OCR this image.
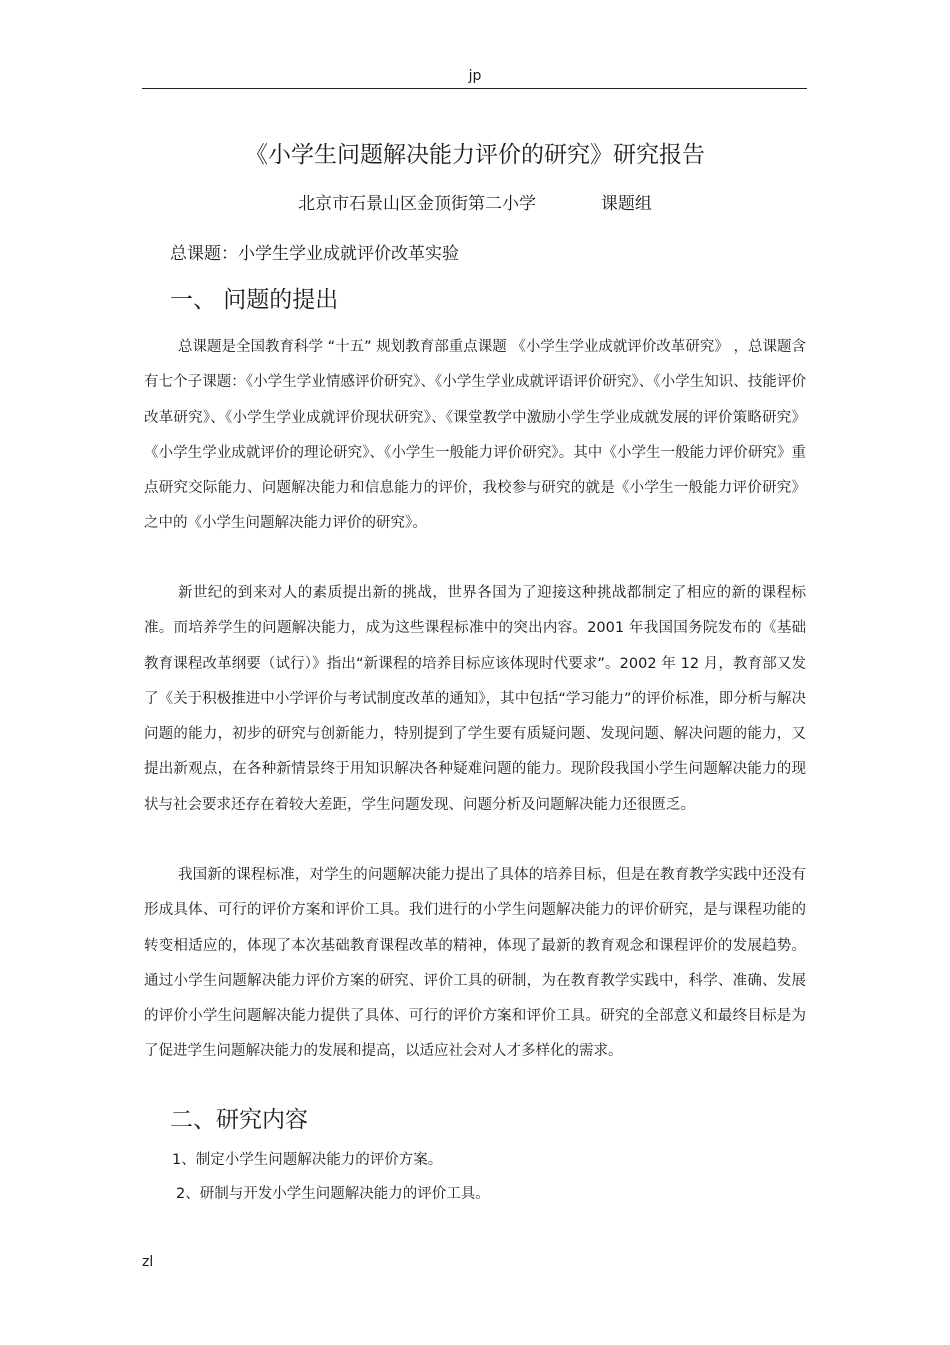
jp
《小学生问题解决能力评价的研究》研究报告
北京市石景山区金顶街第二小学            课题组
总课题：小学生学业成就评价改革实验
一、 问题的提出

总课题是全国教育科学 “十五” 规划教育部重点课题 《小学生学业成就评价改革研究》 ，总课题含有七个子课题：《小学生学业情感评价研究》、《小学生学业成就评语评价研究》、《小学生知识、技能评价改革研究》、《小学生学业成就评价现状研究》、《课堂教学中激励小学生学业成就发展的评价策略研究》《小学生学业成就评价的理论研究》、《小学生一般能力评价研究》。其中《小学生一般能力评价研究》重点研究交际能力、问题解决能力和信息能力的评价，我校参与研究的就是《小学生一般能力评价研究》之中的《小学生问题解决能力评价的研究》。

新世纪的到来对人的素质提出新的挑战，世界各国为了迎接这种挑战都制定了相应的新的课程标准。而培养学生的问题解决能力，成为这些课程标准中的突出内容。2001 年我国国务院发布的《基础教育课程改革纲要（试行）》指出“新课程的培养目标应该体现时代要求”。2002 年 12 月，教育部又发了《关于积极推进中小学评价与考试制度改革的通知》，其中包括“学习能力”的评价标准，即分析与解决问题的能力，初步的研究与创新能力，特别提到了学生要有质疑问题、发现问题、解决问题的能力，又提出新观点，在各种新情景终于用知识解决各种疑难问题的能力。现阶段我国小学生问题解决能力的现状与社会要求还存在着较大差距，学生问题发现、问题分析及问题解决能力还很匮乏。

我国新的课程标准，对学生的问题解决能力提出了具体的培养目标，但是在教育教学实践中还没有形成具体、可行的评价方案和评价工具。我们进行的小学生问题解决能力的评价研究，是与课程功能的转变相适应的，体现了本次基础教育课程改革的精神，体现了最新的教育观念和课程评价的发展趋势。通过小学生问题解决能力评价方案的研究、评价工具的研制，为在教育教学实践中，科学、准确、发展的评价小学生问题解决能力提供了具体、可行的评价方案和评价工具。研究的全部意义和最终目标是为了促进学生问题解决能力的发展和提高，以适应社会对人才多样化的需求。

二、研究内容
1、制定小学生问题解决能力的评价方案。
2、研制与开发小学生问题解决能力的评价工具。
zl
